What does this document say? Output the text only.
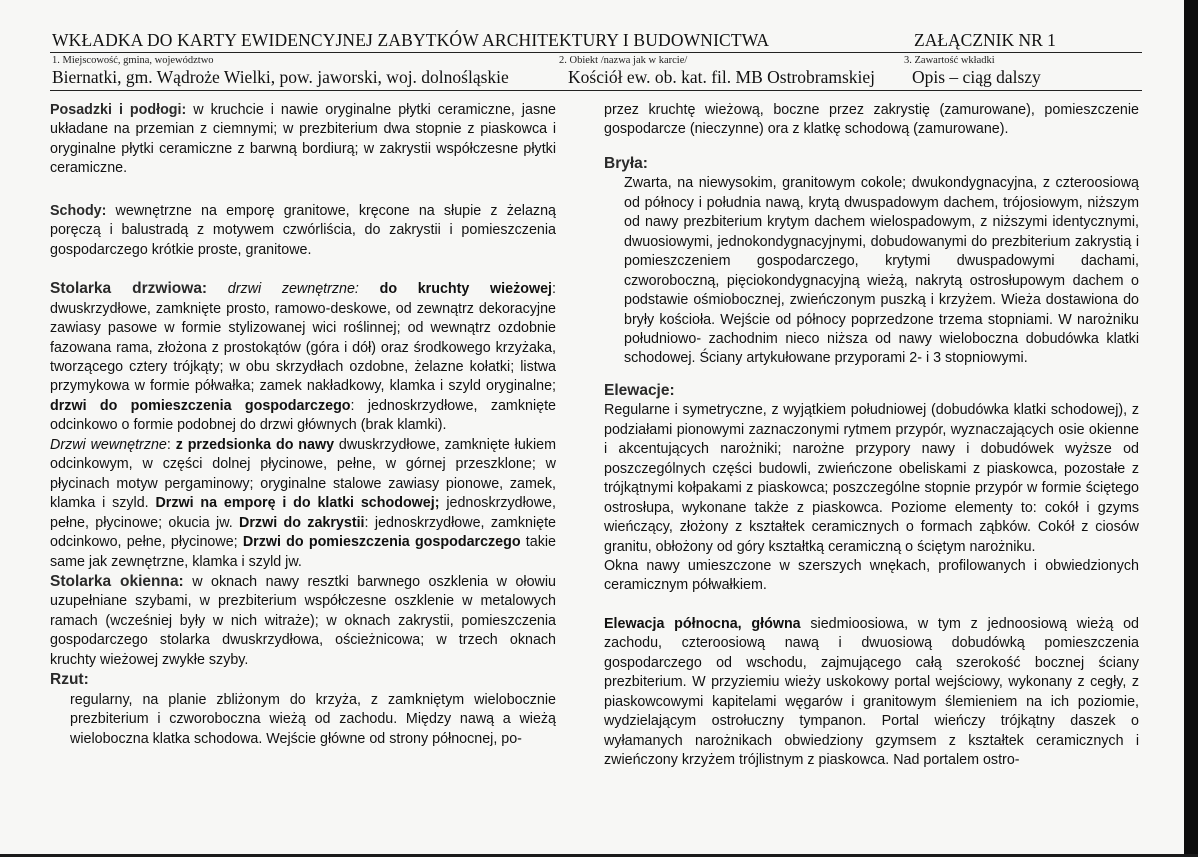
WKŁADKA DO KARTY EWIDENCYJNEJ ZABYTKÓW ARCHITEKTURY I BUDOWNICTWA	ZAŁĄCZNIK NR 1
1. Miejscowość, gmina, województwo	2. Obiekt /nazwa jak w karcie/	3. Zawartość wkładki
Biernatki, gm. Wądroże Wielki, pow. jaworski, woj. dolnośląskie	Kościół ew. ob. kat. fil. MB Ostrobramskiej Opis – ciąg dalszy

Posadzki i podłogi: w kruchcie i nawie oryginalne płytki ceramiczne, jasne układane na przemian z ciemnymi; w prezbiterium dwa stopnie z piaskowca i oryginalne płytki ceramiczne z barwną bordiurą; w zakrystii współczesne płytki ceramiczne.

Schody: wewnętrzne na emporę granitowe, kręcone na słupie z żelazną poręczą i balustradą z motywem czwórliścia, do zakrystii i pomieszczenia gospodarczego krótkie proste, granitowe.

Stolarka drzwiowa: drzwi zewnętrzne: do kruchty wieżowej: dwuskrzydłowe, zamknięte prosto, ramowo-deskowe, od zewnątrz dekoracyjne zawiasy pasowe w formie stylizowanej wici roślinnej; od wewnątrz ozdobnie fazowana rama, złożona z prostokątów (góra i dół) oraz środkowego krzyżaka, tworzącego cztery trójkąty; w obu skrzydłach ozdobne, żelazne kołatki; listwa przymykowa w formie półwałka; zamek nakładkowy, klamka i szyld oryginalne; drzwi do pomieszczenia gospodarczego: jednoskrzydłowe, zamknięte odcinkowo o formie podobnej do drzwi głównych (brak klamki).

Drzwi wewnętrzne: z przedsionka do nawy dwuskrzydłowe, zamknięte łukiem odcinkowym, w części dolnej płycinowe, pełne, w górnej przeszklone; w płycinach motyw pergaminowy; oryginalne stalowe zawiasy pionowe, zamek, klamka i szyld. Drzwi na emporę i do klatki schodowej; jednoskrzydłowe, pełne, płycinowe; okucia jw. Drzwi do zakrystii: jednoskrzydłowe, zamknięte odcinkowo, pełne, płycinowe; Drzwi do pomieszczenia gospodarczego takie same jak zewnętrzne, klamka i szyld jw.

Stolarka okienna: w oknach nawy resztki barwnego oszklenia w ołowiu uzupełniane szybami, w prezbiterium współczesne oszklenie w metalowych ramach (wcześniej były w nich witraże); w oknach zakrystii, pomieszczenia gospodarczego stolarka dwuskrzydłowa, ościeżnicowa; w trzech oknach kruchty wieżowej zwykłe szyby.

Rzut:

regularny, na planie zbliżonym do krzyża, z zamkniętym wielobocznie prezbiterium i czworoboczna wieżą od zachodu. Między nawą a wieżą wieloboczna klatka schodowa. Wejście główne od strony północnej, po-

przez kruchtę wieżową, boczne przez zakrystię (zamurowane), pomieszczenie gospodarcze (nieczynne) ora z klatkę schodową (zamurowane).

Bryła:

Zwarta, na niewysokim, granitowym cokole; dwukondygnacyjna, z czteroosiową od północy i południa nawą, krytą dwuspadowym dachem, trójosiowym, niższym od nawy prezbiterium krytym dachem wielospadowym, z niższymi identycznymi, dwuosiowymi, jednokondygnacyjnymi, dobudowanymi do prezbiterium zakrystią i pomieszczeniem gospodarczego, krytymi dwuspadowymi dachami, czworoboczną, pięciokondygnacyjną wieżą, nakrytą ostrosłupowym dachem o podstawie ośmiobocznej, zwieńczonym puszką i krzyżem. Wieża dostawiona do bryły kościoła. Wejście od północy poprzedzone trzema stopniami. W narożniku południowo- zachodnim nieco niższa od nawy wieloboczna dobudówka klatki schodowej. Ściany artykułowane przyporami 2- i 3 stopniowymi.

Elewacje:

Regularne i symetryczne, z wyjątkiem południowej (dobudówka klatki schodowej), z podziałami pionowymi zaznaczonymi rytmem przypór, wyznaczających osie okienne i akcentujących narożniki; narożne przypory nawy i dobudówek wyższe od poszczególnych części budowli, zwieńczone obeliskami z piaskowca, pozostałe z trójkątnymi kołpakami z piaskowca; poszczególne stopnie przypór w formie ściętego ostrosłupa, wykonane także z piaskowca. Poziome elementy to: cokół i gzyms wieńczący, złożony z kształtek ceramicznych o formach ząbków. Cokół z ciosów granitu, obłożony od góry kształtką ceramiczną o ściętym narożniku.

Okna nawy umieszczone w szerszych wnękach, profilowanych i obwiedzionych ceramicznym półwałkiem.

Elewacja północna, główna siedmioosiowa, w tym z jednoosiową wieżą od zachodu, czteroosiową nawą i dwuosiową dobudówką pomieszczenia gospodarczego od wschodu, zajmującego całą szerokość bocznej ściany prezbiterium. W przyziemiu wieży uskokowy portal wejściowy, wykonany z cegły, z piaskowcowymi kapitelami węgarów i granitowym ślemieniem na ich poziomie, wydzielającym ostrołuczny tympanon. Portal wieńczy trójkątny daszek o wyłamanych narożnikach obwiedziony gzymsem z kształtek ceramicznych i zwieńczony krzyżem trójlistnym z piaskowca. Nad portalem ostro-
